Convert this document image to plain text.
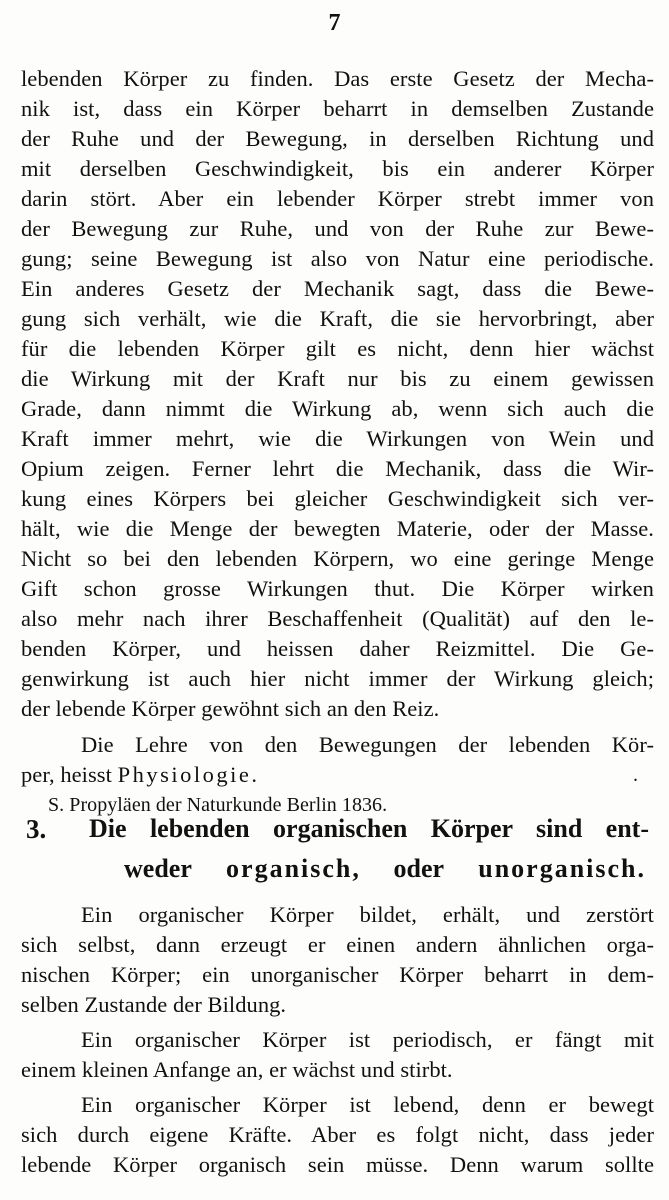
7
lebenden Körper zu finden. Das erste Gesetz der Mecha-
nik ist, dass ein Körper beharrt in demselben Zustande
der Ruhe und der Bewegung, in derselben Richtung und
mit derselben Geschwindigkeit, bis ein anderer Körper
darin stört. Aber ein lebender Körper strebt immer von
der Bewegung zur Ruhe, und von der Ruhe zur Bewe-
gung; seine Bewegung ist also von Natur eine periodische.
Ein anderes Gesetz der Mechanik sagt, dass die Bewe-
gung sich verhält, wie die Kraft, die sie hervorbringt, aber
für die lebenden Körper gilt es nicht, denn hier wächst
die Wirkung mit der Kraft nur bis zu einem gewissen
Grade, dann nimmt die Wirkung ab, wenn sich auch die
Kraft immer mehrt, wie die Wirkungen von Wein und
Opium zeigen. Ferner lehrt die Mechanik, dass die Wir-
kung eines Körpers bei gleicher Geschwindigkeit sich ver-
hält, wie die Menge der bewegten Materie, oder der Masse.
Nicht so bei den lebenden Körpern, wo eine geringe Menge
Gift schon grosse Wirkungen thut. Die Körper wirken
also mehr nach ihrer Beschaffenheit (Qualität) auf den le-
benden Körper, und heissen daher Reizmittel. Die Ge-
genwirkung ist auch hier nicht immer der Wirkung gleich;
der lebende Körper gewöhnt sich an den Reiz.
Die Lehre von den Bewegungen der lebenden Kör-
per, heisst Physiologie.	.
S. Propyläen der Naturkunde Berlin 1836.
3. Die lebenden organischen Körper sind ent-
weder organisch, oder unorganisch.
Ein organischer Körper bildet, erhält, und zerstört
sich selbst, dann erzeugt er einen andern ähnlichen orga-
nischen Körper; ein unorganischer Körper beharrt in dem-
selben Zustande der Bildung.
Ein organischer Körper ist periodisch, er fängt mit
einem kleinen Anfange an, er wächst und stirbt.
Ein organischer Körper ist lebend, denn er bewegt
sich durch eigene Kräfte. Aber es folgt nicht, dass jeder
lebende Körper organisch sein müsse. Denn warum sollte
